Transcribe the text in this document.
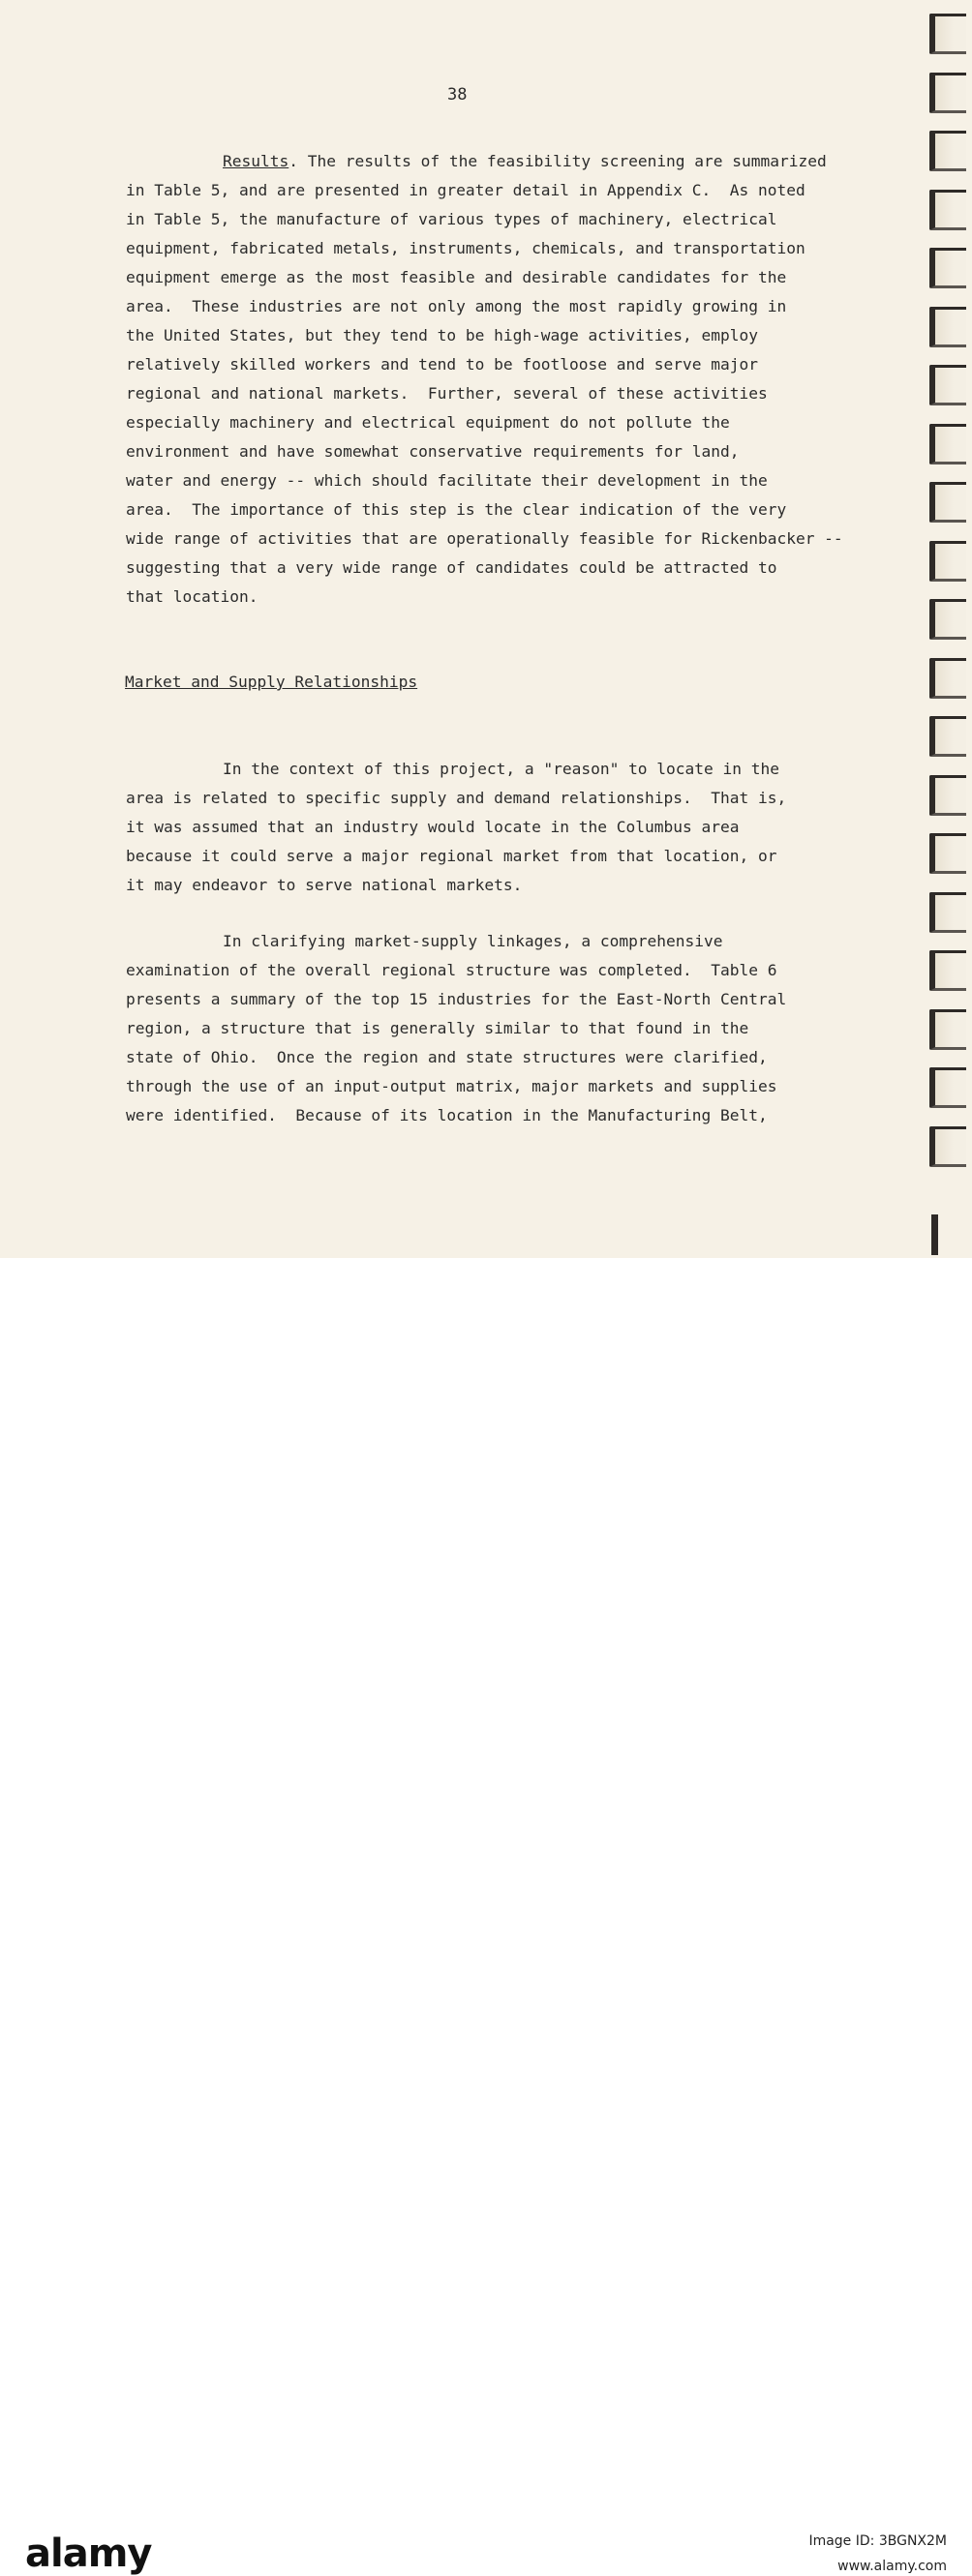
38
Results. The results of the feasibility screening are summarized
in Table 5, and are presented in greater detail in Appendix C.  As noted
in Table 5, the manufacture of various types of machinery, electrical
equipment, fabricated metals, instruments, chemicals, and transportation
equipment emerge as the most feasible and desirable candidates for the
area.  These industries are not only among the most rapidly growing in
the United States, but they tend to be high-wage activities, employ
relatively skilled workers and tend to be footloose and serve major
regional and national markets.  Further, several of these activities
especially machinery and electrical equipment do not pollute the
environment and have somewhat conservative requirements for land,
water and energy -- which should facilitate their development in the
area.  The importance of this step is the clear indication of the very
wide range of activities that are operationally feasible for Rickenbacker --
suggesting that a very wide range of candidates could be attracted to
that location.
Market and Supply Relationships
In the context of this project, a "reason" to locate in the
area is related to specific supply and demand relationships.  That is,
it was assumed that an industry would locate in the Columbus area
because it could serve a major regional market from that location, or
it may endeavor to serve national markets.
In clarifying market-supply linkages, a comprehensive
examination of the overall regional structure was completed.  Table 6
presents a summary of the top 15 industries for the East-North Central
region, a structure that is generally similar to that found in the
state of Ohio.  Once the region and state structures were clarified,
through the use of an input-output matrix, major markets and supplies
were identified.  Because of its location in the Manufacturing Belt,
alamy	Image ID: 3BGNX2M
www.alamy.com
